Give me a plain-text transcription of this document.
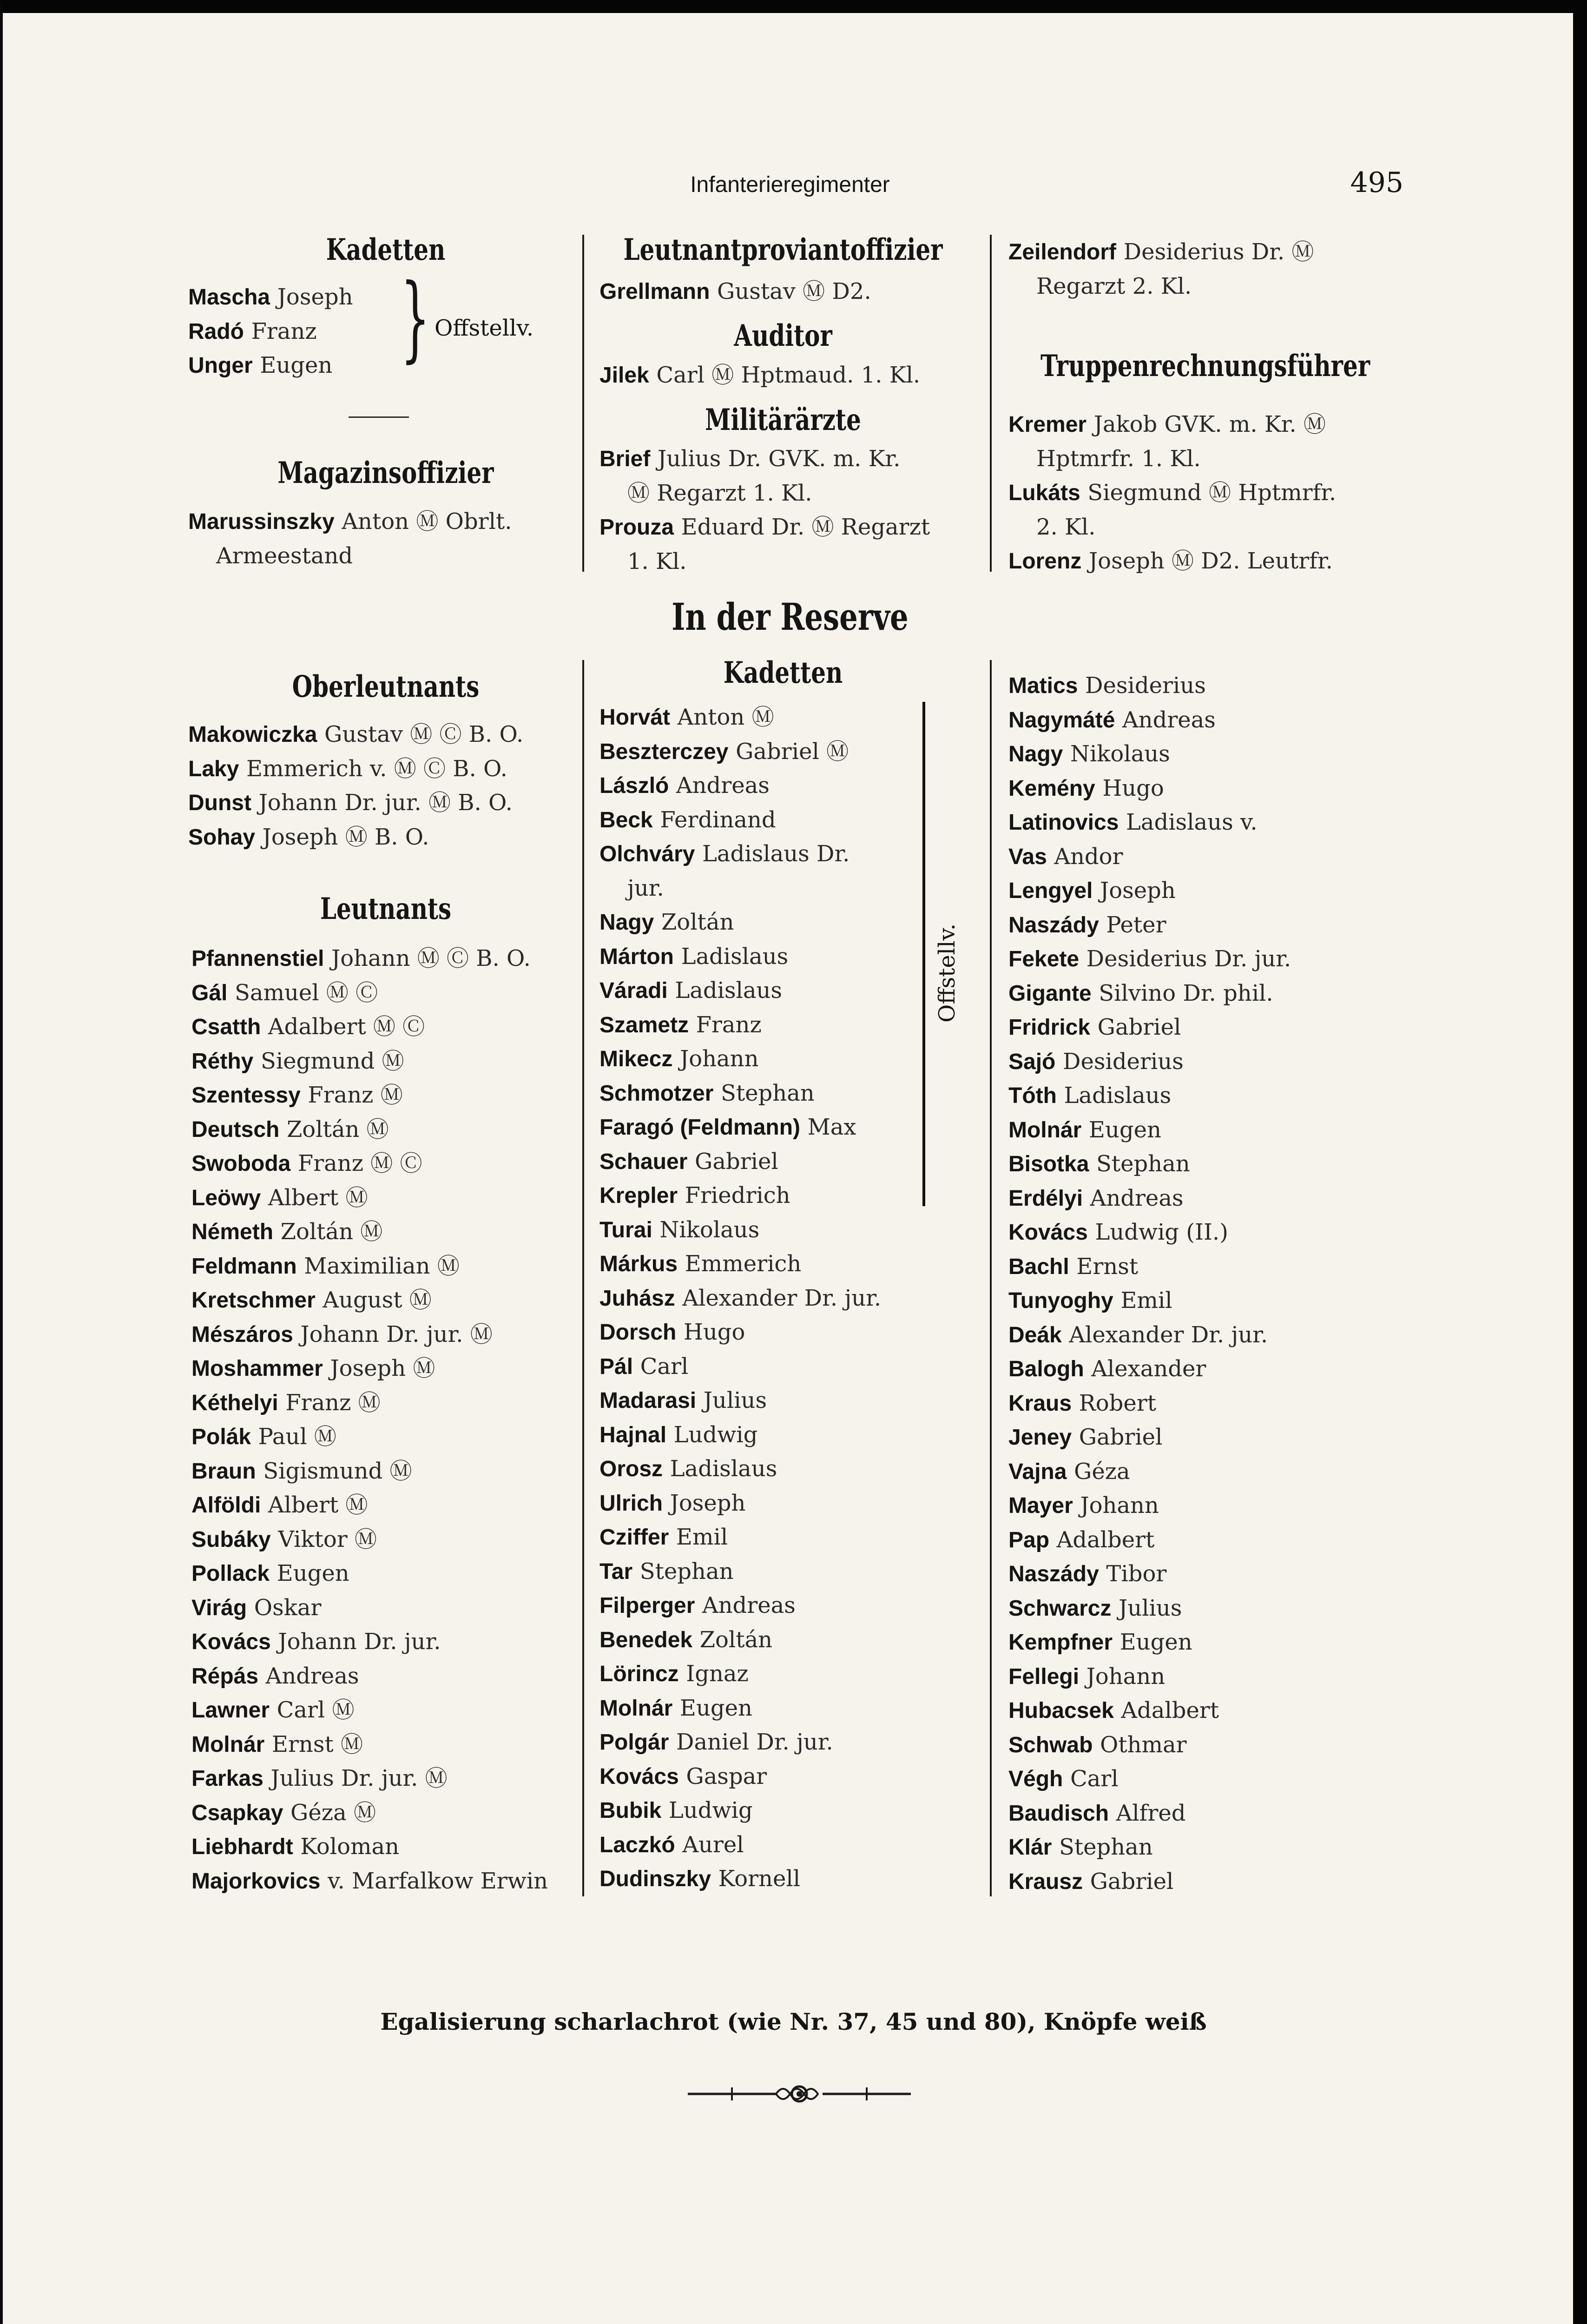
Infanterieregimenter	495
Kadetten
Mascha Joseph
Radó Franz
Unger Eugen } Offstellv.
Magazinsoffizier
Marussinszky Anton Ⓜ Obrlt.
Armeestand
Leutnantproviantoffizier
Grellmann Gustav Ⓜ D2.
Auditor
Jilek Carl Ⓜ Hptmaud. 1. Kl.
Militärärzte
Brief Julius Dr. GVK. m. Kr.
Ⓜ Regarzt 1. Kl.
Prouza Eduard Dr. Ⓜ Regarzt
1. Kl.
Zeilendorf Desiderius Dr. Ⓜ
Regarzt 2. Kl.
Truppenrechnungsführer
Kremer Jakob GVK. m. Kr. Ⓜ
Hptmrfr. 1. Kl.
Lukáts Siegmund Ⓜ Hptmrfr.
2. Kl.
Lorenz Joseph Ⓜ D2. Leutrfr.
In der Reserve
Oberleutnants
Makowiczka Gustav Ⓜ Ⓒ B. O.
Laky Emmerich v. Ⓜ Ⓒ B. O.
Dunst Johann Dr. jur. Ⓜ B. O.
Sohay Joseph Ⓜ B. O.
Leutnants
Pfannenstiel Johann Ⓜ Ⓒ B. O.
Gál Samuel Ⓜ Ⓒ
Csatth Adalbert Ⓜ Ⓒ
Réthy Siegmund Ⓜ
Szentessy Franz Ⓜ
Deutsch Zoltán Ⓜ
Swoboda Franz Ⓜ Ⓒ
Leöwy Albert Ⓜ
Németh Zoltán Ⓜ
Feldmann Maximilian Ⓜ
Kretschmer August Ⓜ
Mészáros Johann Dr. jur. Ⓜ
Moshammer Joseph Ⓜ
Kéthelyi Franz Ⓜ
Polák Paul Ⓜ
Braun Sigismund Ⓜ
Alföldi Albert Ⓜ
Subáky Viktor Ⓜ
Pollack Eugen
Virág Oskar
Kovács Johann Dr. jur.
Répás Andreas
Lawner Carl Ⓜ
Molnár Ernst Ⓜ
Farkas Julius Dr. jur. Ⓜ
Csapkay Géza Ⓜ
Liebhardt Koloman
Majorkovics v. Marfalkow Erwin
Kadetten
Horvát Anton Ⓜ
Beszterczey Gabriel Ⓜ
László Andreas
Beck Ferdinand
Olchváry Ladislaus Dr.
jur.
Nagy Zoltán
Márton Ladislaus
Váradi Ladislaus
Szametz Franz
Mikecz Johann
Schmotzer Stephan
Faragó (Feldmann) Max
Schauer Gabriel
Krepler Friedrich
Turai Nikolaus
Márkus Emmerich
Juhász Alexander Dr. jur.
Dorsch Hugo
Pál Carl
Madarasi Julius
Hajnal Ludwig
Orosz Ladislaus
Ulrich Joseph
Cziffer Emil
Tar Stephan
Filperger Andreas
Benedek Zoltán
Lörincz Ignaz
Molnár Eugen
Polgár Daniel Dr. jur.
Kovács Gaspar
Bubik Ludwig
Laczkó Aurel
Dudinszky Kornell
Offstellv.
Matics Desiderius
Nagymáté Andreas
Nagy Nikolaus
Kemény Hugo
Latinovics Ladislaus v.
Vas Andor
Lengyel Joseph
Naszády Peter
Fekete Desiderius Dr. jur.
Gigante Silvino Dr. phil.
Fridrick Gabriel
Sajó Desiderius
Tóth Ladislaus
Molnár Eugen
Bisotka Stephan
Erdélyi Andreas
Kovács Ludwig (II.)
Bachl Ernst
Tunyoghy Emil
Deák Alexander Dr. jur.
Balogh Alexander
Kraus Robert
Jeney Gabriel
Vajna Géza
Mayer Johann
Pap Adalbert
Naszády Tibor
Schwarcz Julius
Kempfner Eugen
Fellegi Johann
Hubacsek Adalbert
Schwab Othmar
Végh Carl
Baudisch Alfred
Klár Stephan
Krausz Gabriel
Egalisierung scharlachrot (wie Nr. 37, 45 und 80), Knöpfe weiß
